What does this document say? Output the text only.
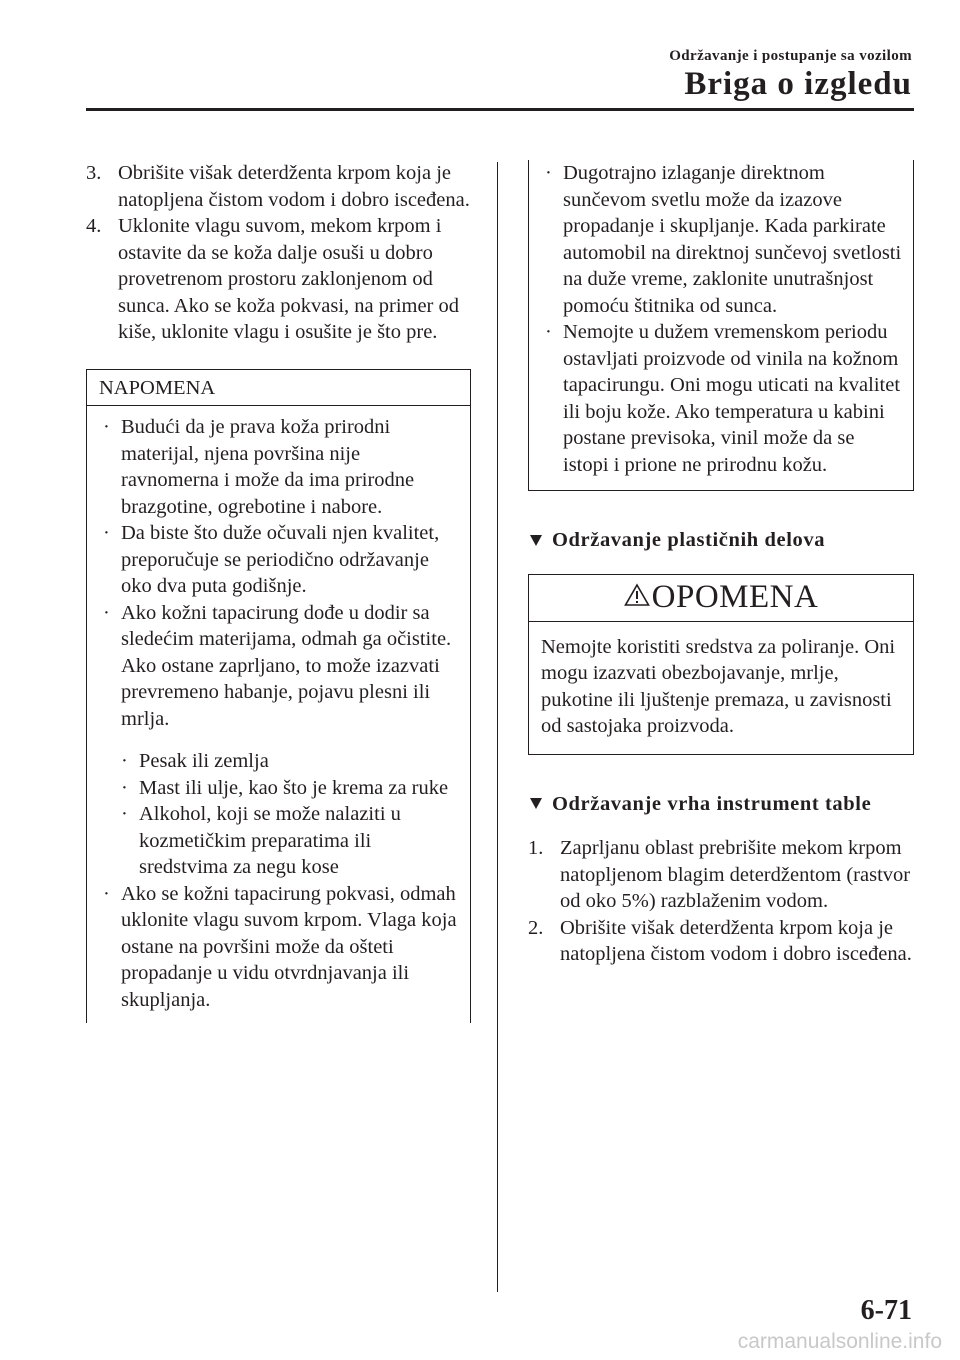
Održavanje i postupanje sa vozilom
Briga o izgledu
3. Obrišite višak deterdženta krpom koja je natopljena čistom vodom i dobro iscеđena.
4. Uklonite vlagu suvom, mekom krpom i ostavite da se koža dalje osuši u dobro provetrenom prostoru zaklonjenom od sunca. Ako se koža pokvasi, na primer od kiše, uklonite vlagu i osušite je što pre.
NAPOMENA
· Budući da je prava koža prirodni materijal, njena površina nije ravnomerna i može da ima prirodne brazgotine, ogrebotine i nabore.
· Da biste što duže očuvali njen kvalitet, preporučuje se periodično održavanje oko dva puta godišnje.
· Ako kožni tapacirung dođe u dodir sa sledećim materijama, odmah ga očistite.
Ako ostane zaprljano, to može izazvati prevremeno habanje, pojavu plesni ili mrlja.
· Pesak ili zemlja
· Mast ili ulje, kao što je krema za ruke
· Alkohol, koji se može nalaziti u kozmetičkim preparatima ili sredstvima za negu kose
· Ako se kožni tapacirung pokvasi, odmah uklonite vlagu suvom krpom. Vlaga koja ostane na površini može da ošteti propadanje u vidu otvrdnjavanja ili skupljanja.
· Dugotrajno izlaganje direktnom sunčevom svetlu može da izazove propadanje i skupljanje. Kada parkirate automobil na direktnoj sunčevoj svetlosti na duže vreme, zaklonite unutrašnjost pomoću štitnika od sunca.
· Nemojte u dužem vremenskom periodu ostavljati proizvode od vinila na kožnom tapacirungu. Oni mogu uticati na kvalitet ili boju kože. Ako temperatura u kabini postane previsoka, vinil može da se istopi i prione ne prirodnu kožu.
Održavanje plastičnih delova
OPOMENA
Nemojte koristiti sredstva za poliranje. Oni mogu izazvati obezbojavanje, mrlje, pukotine ili ljuštenje premaza, u zavisnosti od sastojaka proizvoda.
Održavanje vrha instrument table
1. Zaprljanu oblast prebrišite mekom krpom natopljenom blagim deterdžentom (rastvor od oko 5%) razblaženim vodom.
2. Obrišite višak deterdženta krpom koja je natopljena čistom vodom i dobro iscеđena.
6-71
carmanualsonline.info
